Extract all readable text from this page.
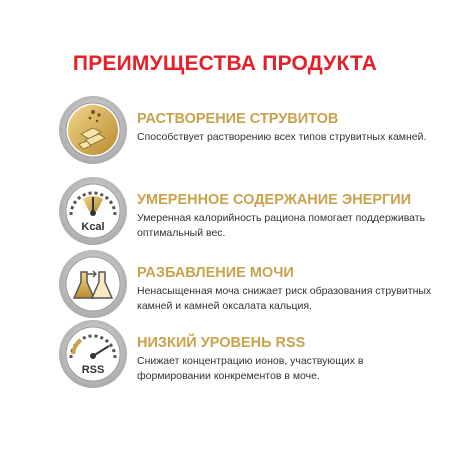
ПРЕИМУЩЕСТВА ПРОДУКТА
РАСТВОРЕНИЕ СТРУВИТОВ
Способствует растворению всех типов струвитных камней.
Kcal
УМЕРЕННОЕ СОДЕРЖАНИЕ ЭНЕРГИИ
Умеренная калорийность рациона помогает поддерживать оптимальный вес.
РАЗБАВЛЕНИЕ МОЧИ
Ненасыщенная моча снижает риск образования струвитных камней и камней оксалата кальция.
RSS
НИЗКИЙ УРОВЕНЬ RSS
Снижает концентрацию ионов, участвующих в формировании конкрементов в моче.
